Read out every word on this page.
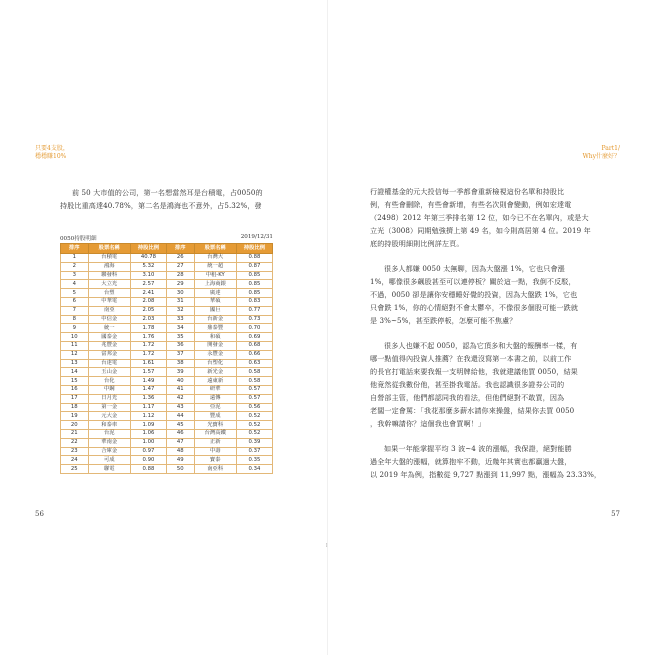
只要4支股，
穩穩賺10%
前 50 大市值的公司，第一名想當然耳是台積電，占0050的
持股比重高達40.78%，第二名是鴻海也不意外，占5.32%，發
0050持股明細	2019/12/31
排序	股票名稱	持股比例	排序	股票名稱	持股比例
1	台積電	40.78	26	台灣大	0.88
2	鴻海	5.32	27	統一超	0.87
3	聯發科	3.10	28	中租-KY	0.85
4	大立光	2.57	29	上海商銀	0.85
5	台塑	2.41	30	廣達	0.85
6	中華電	2.08	31	華碩	0.83
7	南亞	2.05	32	國巨	0.77
8	中信金	2.03	33	台新金	0.73
9	統一	1.78	34	鼎泰豐	0.70
10	國泰金	1.76	35	和碩	0.69
11	兆豐金	1.72	36	開發金	0.68
12	富邦金	1.72	37	永豐金	0.66
13	台達電	1.61	38	台塑化	0.63
14	玉山金	1.57	39	新光金	0.58
15	台化	1.49	40	遠東新	0.58
16	中鋼	1.47	41	研華	0.57
17	日月光	1.36	42	遠傳	0.57
18	第一金	1.17	43	亞泥	0.56
19	元大金	1.12	44	豐成	0.52
20	和泰車	1.09	45	光寶科	0.52
21	台泥	1.06	46	台灣高鐵	0.52
22	華南金	1.00	47	正新	0.39
23	合庫金	0.97	48	中壽	0.37
24	可成	0.90	49	寶泰	0.35
25	聯電	0.88	50	南亞科	0.34
56
Part1/
Why什麼好？
行證權基金的元大投信每一季都會重新檢視這份名單和持股比
例，有些會刪除，有些會新增，有些名次則會變動，例如宏達電
（2498）2012 年第三季排名第 12 位，如今已不在名單內，或是大
立光（3008）同期勉強擠上第 49 名，如今則高居第 4 位。2019 年
底的持股明細則比例詳左頁。
很多人都嫌 0050 太無聊，因為大盤漲 1%，它也只會漲
1%，哪像很多飆股甚至可以連停板？關於這一點，我倒不反駁，
不過，0050 卻是讓你安穩睡好覺的投資，因為大盤跌 1%，它也
只會跌 1%，你的心情絕對不會太鬱卒，不像很多個股可能一跌就
是 3%~5%，甚至跌停板，怎麼可能不焦慮？
很多人也嫌不起 0050，認為它頂多和大盤的報酬率一樣，有
哪一點值得內投資人推薦？在我還沒寫第一本書之前，以前工作
的長官打電話來要我報一支明牌給他，我就建議他買 0050，結果
他竟然從我數份他，甚至掛我電話。我也認識很多證券公司的
自營部主管，他們都認同我的看法，但他們絕對不敢買，因為
老闆一定會罵：「我花那麼多薪水請你來操盤，結果你去買 0050
，我幹嘛請你？這個我也會買啊！」
如果一年能掌握平均 3 波~4 波的漲幅，我保證，絕對能勝
過全年大盤的漲幅，就算抱牢不動，近幾年其實也都贏過大盤，
以 2019 年為例，指數從 9,727 點漲到 11,997 點，漲幅為 23.33%，
57
¦
